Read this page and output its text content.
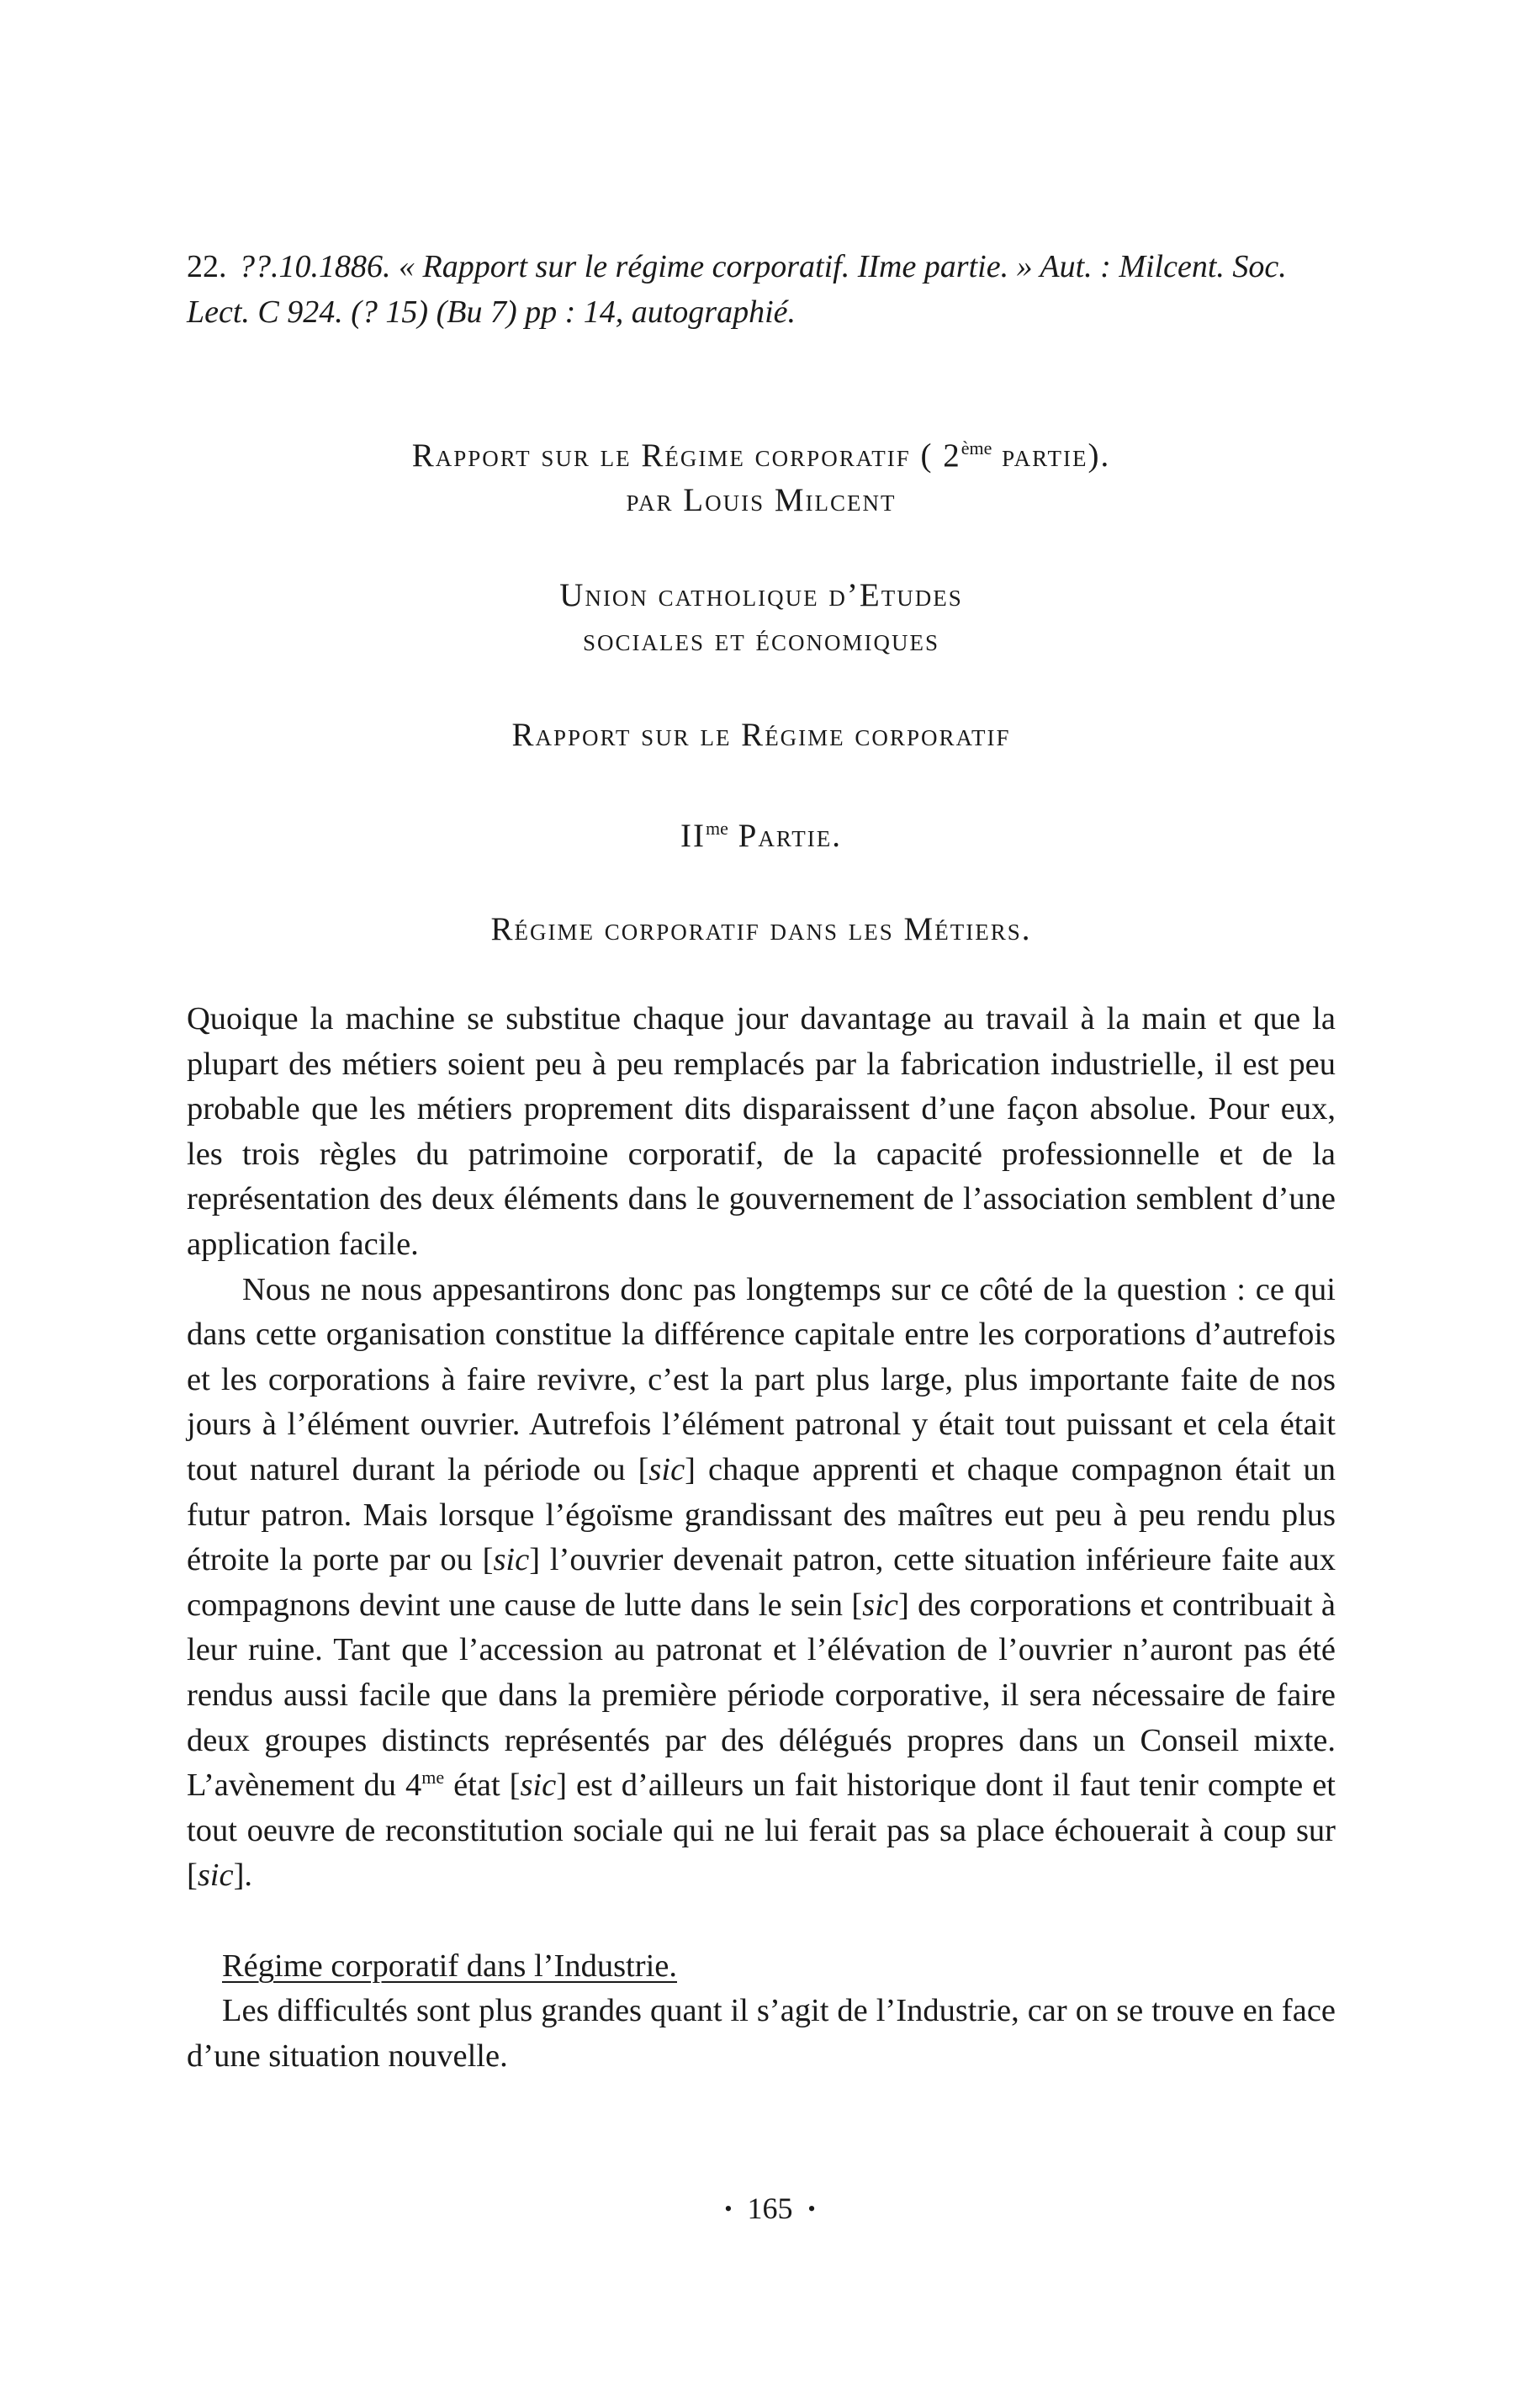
22. ??.10.1886. « Rapport sur le régime corporatif. IIme partie. » Aut. : Milcent. Soc. Lect. C 924. (? 15) (Bu 7) pp : 14, autographié.

Rapport sur le Régime corporatif ( 2ème partie).

par Louis Milcent

Union catholique d’Etudes

sociales et économiques

Rapport sur le Régime corporatif

$II^{me}$ Partie.

Régime corporatif dans les Métiers.

Quoique la machine se substitue chaque jour davantage au travail à la main et que la plupart des métiers soient peu à peu remplacés par la fabrication industrielle, il est peu probable que les métiers proprement dits disparaissent d’une façon absolue. Pour eux, les trois règles du patrimoine corporatif, de la capacité professionnelle et de la représentation des deux éléments dans le gouvernement de l’association semblent d’une application facile.

Nous ne nous appesantirons donc pas longtemps sur ce côté de la question : ce qui dans cette organisation constitue la différence capitale entre les corporations d’autrefois et les corporations à faire revivre, c’est la part plus large, plus importante faite de nos jours à l’élément ouvrier. Autrefois l’élément patronal y était tout puissant et cela était tout naturel durant la période ou [sic] chaque apprenti et chaque compagnon était un futur patron. Mais lorsque l’égoïsme grandissant des maîtres eut peu à peu rendu plus étroite la porte par ou [sic] l’ouvrier devenait patron, cette situation inférieure faite aux compagnons devint une cause de lutte dans le sein [sic] des corporations et contribuait à leur ruine. Tant que l’accession au patronat et l’élévation de l’ouvrier n’auront pas été rendus aussi facile que dans la première période corporative, il sera nécessaire de faire deux groupes distincts représentés par des délégués propres dans un Conseil mixte. L’avènement du $4^{me}$ état [sic] est d’ailleurs un fait historique dont il faut tenir compte et tout oeuvre de reconstitution sociale qui ne lui ferait pas sa place échouerait à coup sur [sic].

Régime corporatif dans l’Industrie.

Les difficultés sont plus grandes quant il s’agit de l’Industrie, car on se trouve en face d’une situation nouvelle.

• 165 •
